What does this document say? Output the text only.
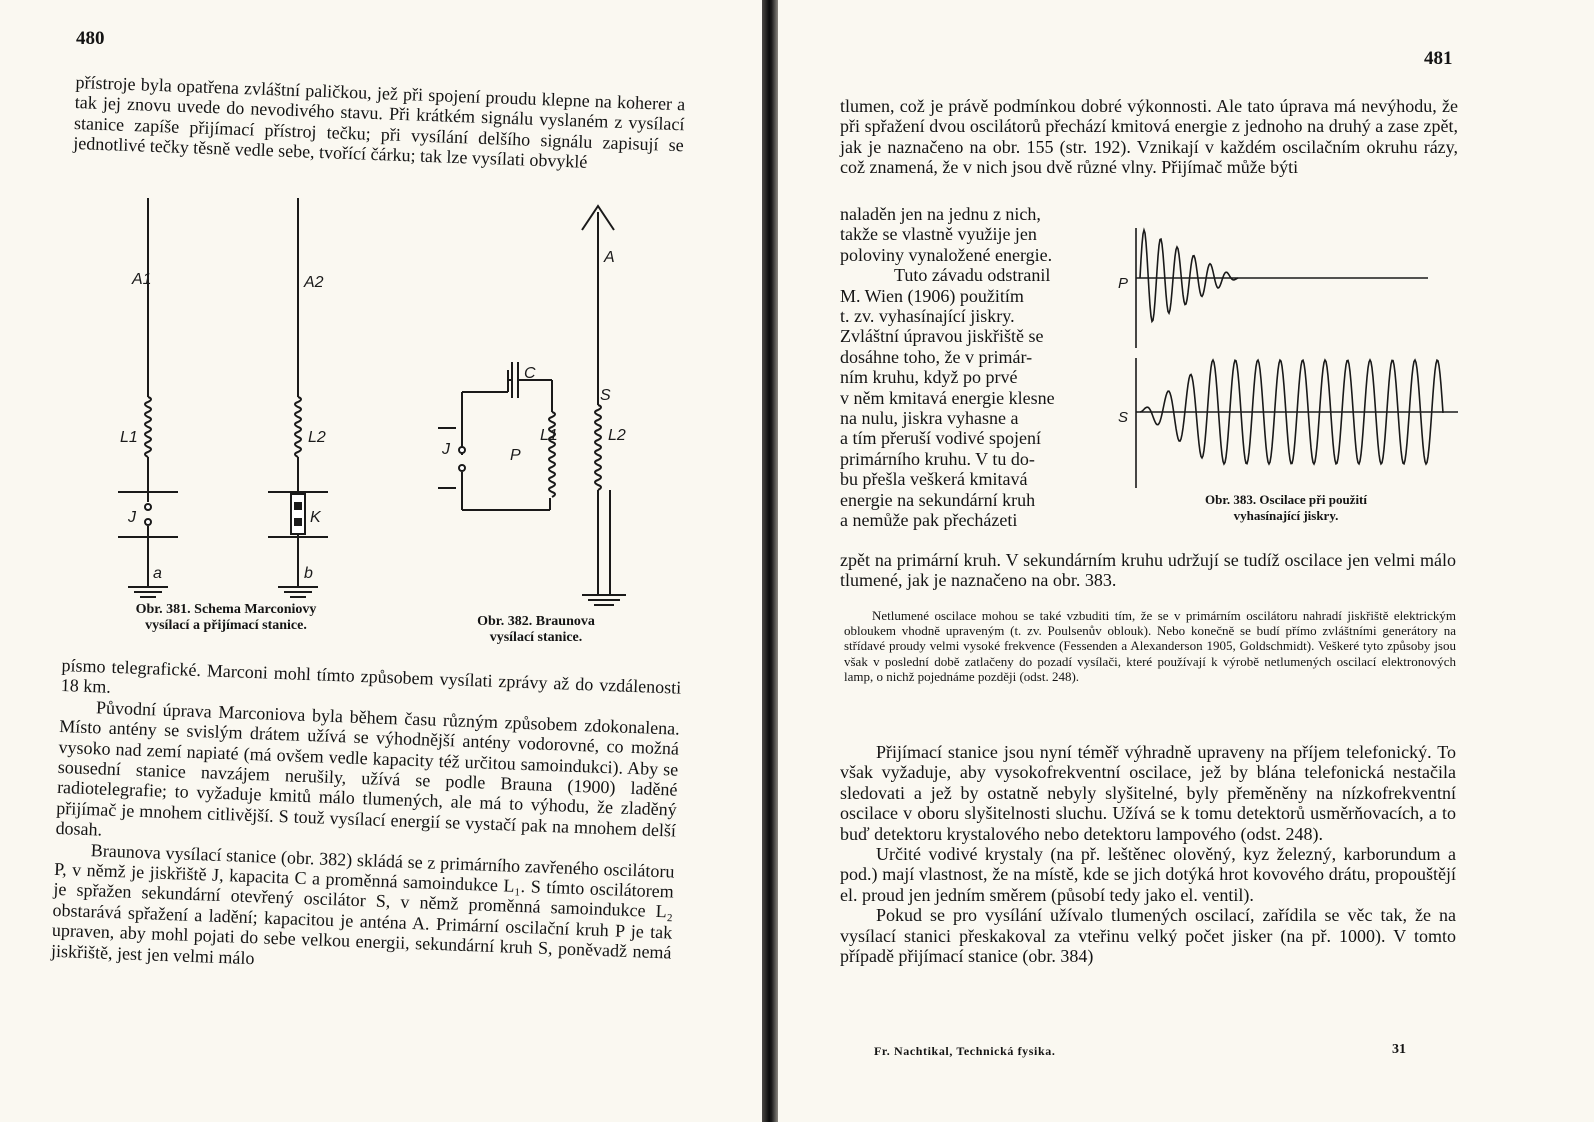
480

přístroje byla opatřena zvláštní paličkou, jež při spojení proudu klepne na koherer a tak jej znovu uvede do nevodivého stavu. Při krátkém signálu vyslaném z vysílací stanice zapíše přijímací přístroj tečku; při vysílání delšího signálu zapisují se jednotlivé tečky těsně vedle sebe, tvořící čárku; tak lze vysílati obvyklé

A1
L1
J
a
A2
L2
K
b
Obr. 381. Schema Marconiovy
vysílací a přijímací stanice.
A
C
S
J	P
L1	L2
Obr. 382. Braunova
vysílací stanice.

písmo telegrafické. Marconi mohl tímto způsobem vysílati zprávy až do vzdálenosti 18 km.

Původní úprava Marconiova byla během času různým způsobem zdokonalena. Místo antény se svislým drátem užívá se výhodnější antény vodorovné, co možná vysoko nad zemí napiaté (má ovšem vedle kapacity též určitou samoindukci). Aby se sousední stanice navzájem nerušily, užívá se podle Brauna (1900) laděné radiotelegrafie; to vyžaduje kmitů málo tlumených, ale má to výhodu, že zladěný přijímač je mnohem citlivější. S touž vysílací energií se vystačí pak na mnohem delší dosah.

Braunova vysílací stanice (obr. 382) skládá se z primárního zavřeného oscilátoru P, v němž je jiskřiště J, kapacita C a proměnná samoindukce L₁. S tímto oscilátorem je spřažen sekundární otevřený oscilátor S, v němž proměnná samoindukce L₂ obstarává spřažení a ladění; kapacitou je anténa A. Primární oscilační kruh P je tak upraven, aby mohl pojati do sebe velkou energii, sekundární kruh S, poněvadž nemá jiskřiště, jest jen velmi málo

481

tlumen, což je právě podmínkou dobré výkonnosti. Ale tato úprava má nevýhodu, že při spřažení dvou oscilátorů přechází kmitová energie z jednoho na druhý a zase zpět, jak je naznačeno na obr. 155 (str. 192). Vznikají v každém oscilačním okruhu rázy, což znamená, že v nich jsou dvě různé vlny. Přijímač může býti

naladěn jen na jednu z nich,
takže se vlastně využije jen
poloviny vynaložené energie.
Tuto závadu odstranil
M. Wien (1906) použitím
t. zv. vyhasínající jiskry.
Zvláštní úpravou jiskřiště se
dosáhne toho, že v primár-
ním kruhu, když po prvé
v něm kmitavá energie klesne
na nulu, jiskra vyhasne a
a tím přeruší vodivé spojení
primárního kruhu. V tu do-
bu přešla veškerá kmitavá
energie na sekundární kruh
a nemůže pak přecházeti
P
S
Obr. 383. Oscilace při použití
vyhasínající jiskry.

zpět na primární kruh. V sekundárním kruhu udržují se tudíž oscilace jen velmi málo tlumené, jak je naznačeno na obr. 383.

Netlumené oscilace mohou se také vzbuditi tím, že se v primárním oscilátoru nahradí jiskřiště elektrickým obloukem vhodně upraveným (t. zv. Poulsenův oblouk). Nebo konečně se budí přímo zvláštními generátory na střídavé proudy velmi vysoké frekvence (Fessenden a Alexanderson 1905, Goldschmidt). Veškeré tyto způsoby jsou však v poslední době zatlačeny do pozadí vysílači, které používají k výrobě netlumených oscilací elektronových lamp, o nichž pojednáme později (odst. 248).

Přijímací stanice jsou nyní téměř výhradně upraveny na příjem telefonický. To však vyžaduje, aby vysokofrekventní oscilace, jež by blána telefonická nestačila sledovati a jež by ostatně nebyly slyšitelné, byly přeměněny na nízkofrekventní oscilace v oboru slyšitelnosti sluchu. Užívá se k tomu detektorů usměrňovacích, a to buď detektoru krystalového nebo detektoru lampového (odst. 248).

Určité vodivé krystaly (na př. leštěnec olověný, kyz železný, karborundum a pod.) mají vlastnost, že na místě, kde se jich dotýká hrot kovového drátu, propouštějí el. proud jen jedním směrem (působí tedy jako el. ventil).

Pokud se pro vysílání užívalo tlumených oscilací, zařídila se věc tak, že na vysílací stanici přeskakoval za vteřinu velký počet jisker (na př. 1000). V tomto případě přijímací stanice (obr. 384)

Fr. Nachtikal, Technická fysika.	31
